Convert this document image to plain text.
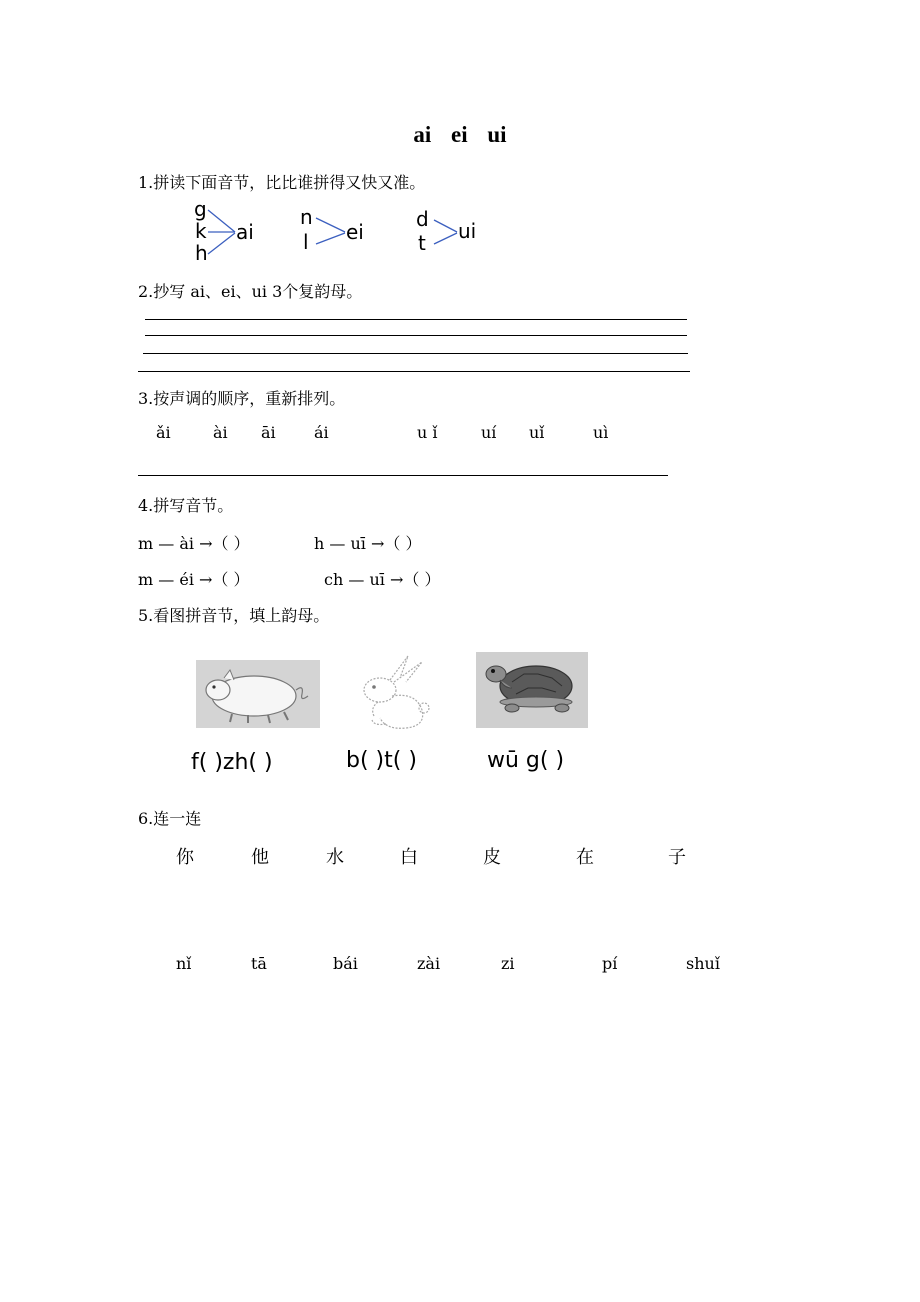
ai ei ui
1.拼读下面音节，比比谁拼得又快又准。
g
k
h
ai
n
l ei
d
t ui
2.抄写 ai、ei、ui 3个复韵母。
3.按声调的顺序，重新排列。
ǎi	ài āi ái	u ǐ	uí uǐ	uì
4.拼写音节。
m — ài →（ ）	h — uī →（ ）
m — éi →（ ）	ch — uī →（ ）
5.看图拼音节，填上韵母。
f( )zh( )	b( )t( )	wū g( )
6.连一连
你	他	水	白	皮	在	子
nǐ	tā	bái	zài	zi	pí	shuǐ
